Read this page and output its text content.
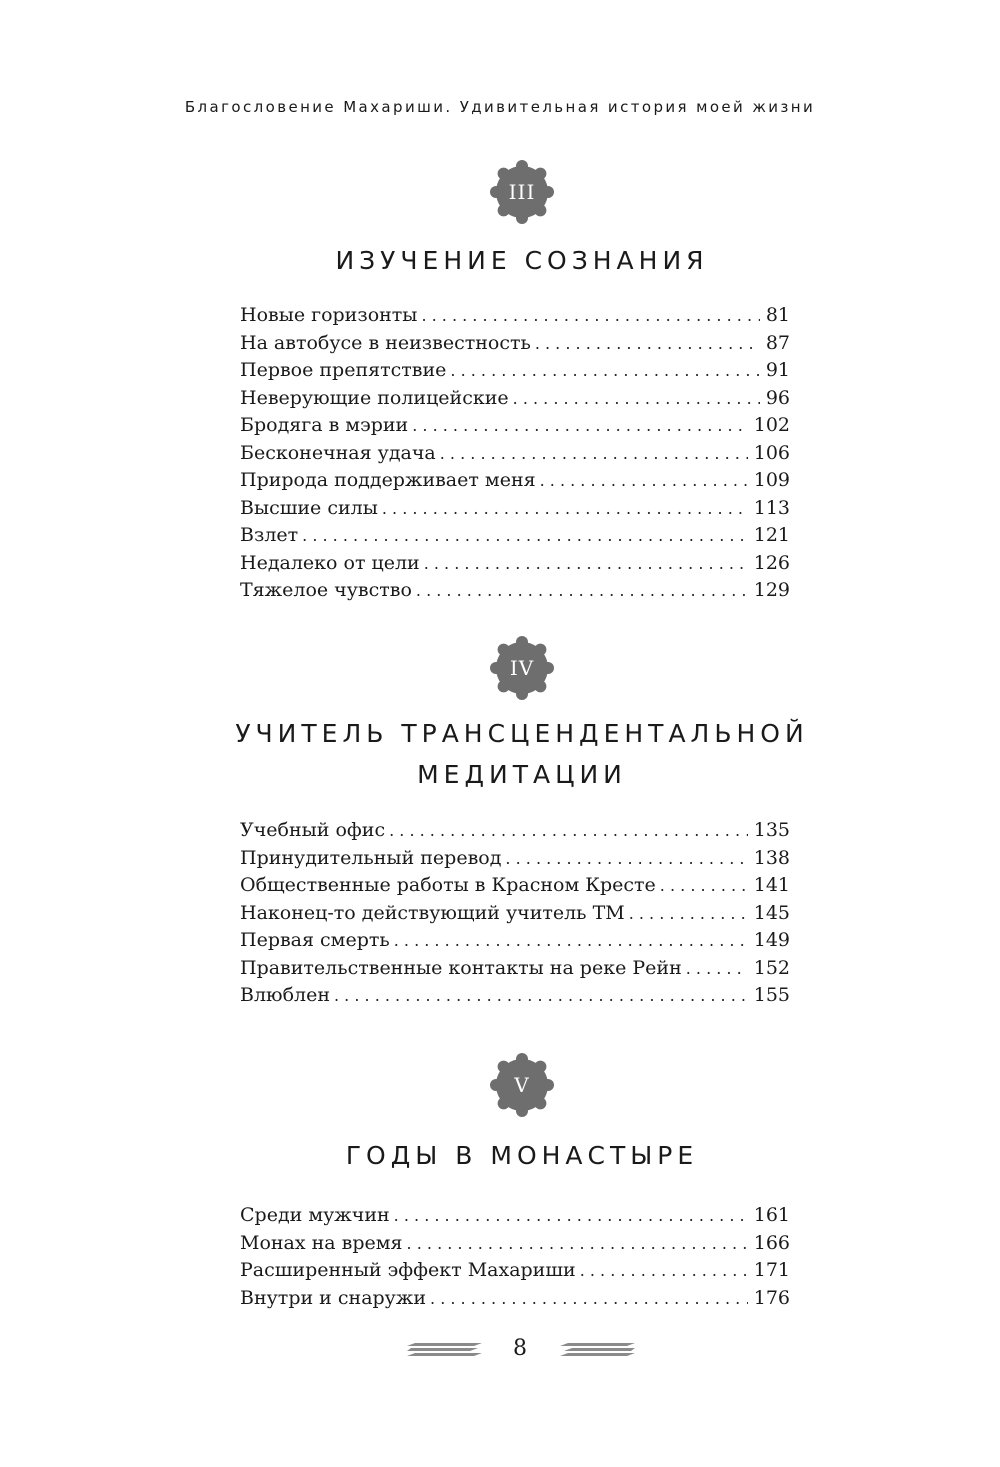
Благословение Махариши. Удивительная история моей жизни
III
ИЗУЧЕНИЕ СОЗНАНИЯ
Новые горизонты . . .	81
На автобусе в неизвестность . . .	87
Первое препятствие . . .	91
Неверующие полицейские . . .	96
Бродяга в мэрии . . .	102
Бесконечная удача . . .	106
Природа поддерживает меня . . .	109
Высшие силы . . .	113
Взлет . . .	121
Недалеко от цели . . .	126
Тяжелое чувство . . .	129
IV
УЧИТЕЛЬ ТРАНСЦЕНДЕНТАЛЬНОЙ
МЕДИТАЦИИ
Учебный офис . . .	135
Принудительный перевод . . .	138
Общественные работы в Красном Кресте . . .	141
Наконец-то действующий учитель ТМ . . .	145
Первая смерть . . .	149
Правительственные контакты на реке Рейн . . .	152
Влюблен . . .	155
V
ГОДЫ В МОНАСТЫРЕ
Среди мужчин . . .	161
Монах на время . . .	166
Расширенный эффект Махариши . . .	171
Внутри и снаружи . . .	176
8
